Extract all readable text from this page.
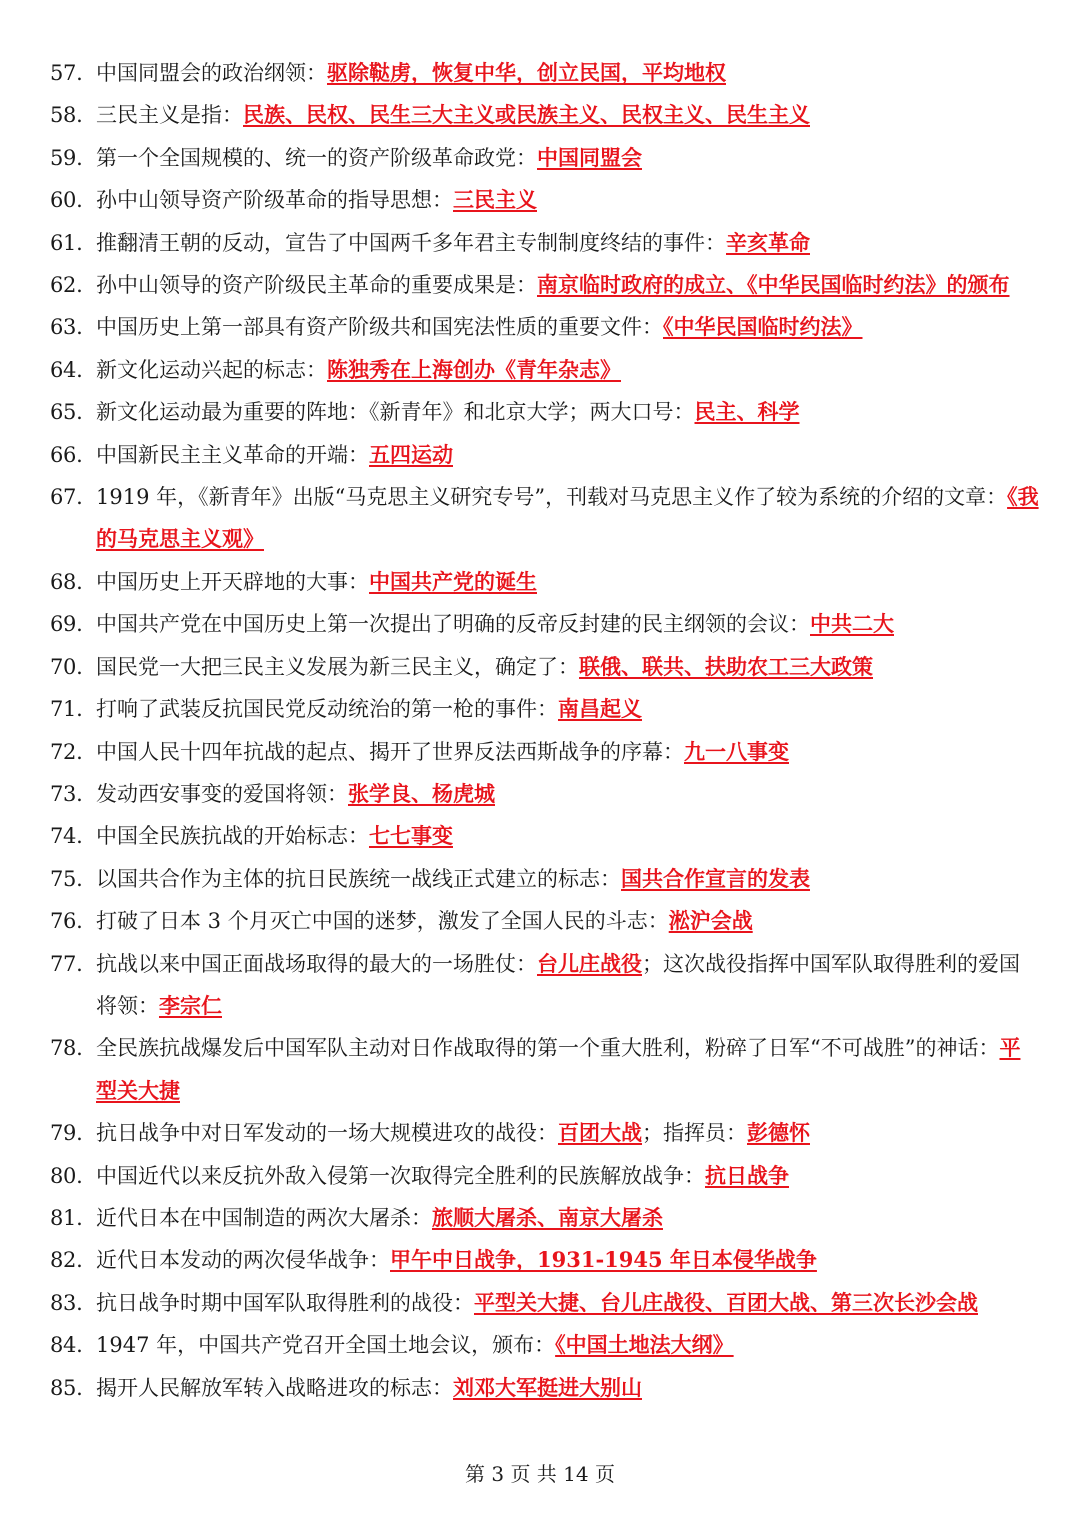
57. 中国同盟会的政治纲领：驱除鞑虏，恢复中华，创立民国，平均地权
58. 三民主义是指：民族、民权、民生三大主义或民族主义、民权主义、民生主义
59. 第一个全国规模的、统一的资产阶级革命政党：中国同盟会
60. 孙中山领导资产阶级革命的指导思想：三民主义
61. 推翻清王朝的反动，宣告了中国两千多年君主专制制度终结的事件：辛亥革命
62. 孙中山领导的资产阶级民主革命的重要成果是：南京临时政府的成立、《中华民国临时约法》的颁布
63. 中国历史上第一部具有资产阶级共和国宪法性质的重要文件：《中华民国临时约法》
64. 新文化运动兴起的标志：陈独秀在上海创办《青年杂志》
65. 新文化运动最为重要的阵地：《新青年》和北京大学；两大口号：民主、科学
66. 中国新民主主义革命的开端：五四运动
67. 1919 年，《新青年》出版“马克思主义研究专号”，刊载对马克思主义作了较为系统的介绍的文章：《我的马克思主义观》
68. 中国历史上开天辟地的大事：中国共产党的诞生
69. 中国共产党在中国历史上第一次提出了明确的反帝反封建的民主纲领的会议：中共二大
70. 国民党一大把三民主义发展为新三民主义，确定了：联俄、联共、扶助农工三大政策
71. 打响了武装反抗国民党反动统治的第一枪的事件：南昌起义
72. 中国人民十四年抗战的起点、揭开了世界反法西斯战争的序幕：九一八事变
73. 发动西安事变的爱国将领：张学良、杨虎城
74. 中国全民族抗战的开始标志：七七事变
75. 以国共合作为主体的抗日民族统一战线正式建立的标志：国共合作宣言的发表
76. 打破了日本 3 个月灭亡中国的迷梦，激发了全国人民的斗志：淞沪会战
77. 抗战以来中国正面战场取得的最大的一场胜仗：台儿庄战役；这次战役指挥中国军队取得胜利的爱国将领：李宗仁
78. 全民族抗战爆发后中国军队主动对日作战取得的第一个重大胜利，粉碎了日军“不可战胜”的神话：平型关大捷
79. 抗日战争中对日军发动的一场大规模进攻的战役：百团大战；指挥员：彭德怀
80. 中国近代以来反抗外敌入侵第一次取得完全胜利的民族解放战争：抗日战争
81. 近代日本在中国制造的两次大屠杀：旅顺大屠杀、南京大屠杀
82. 近代日本发动的两次侵华战争：甲午中日战争，1931-1945 年日本侵华战争
83. 抗日战争时期中国军队取得胜利的战役：平型关大捷、台儿庄战役、百团大战、第三次长沙会战
84. 1947 年，中国共产党召开全国土地会议，颁布：《中国土地法大纲》
85. 揭开人民解放军转入战略进攻的标志：刘邓大军挺进大别山
第 3 页 共 14 页
